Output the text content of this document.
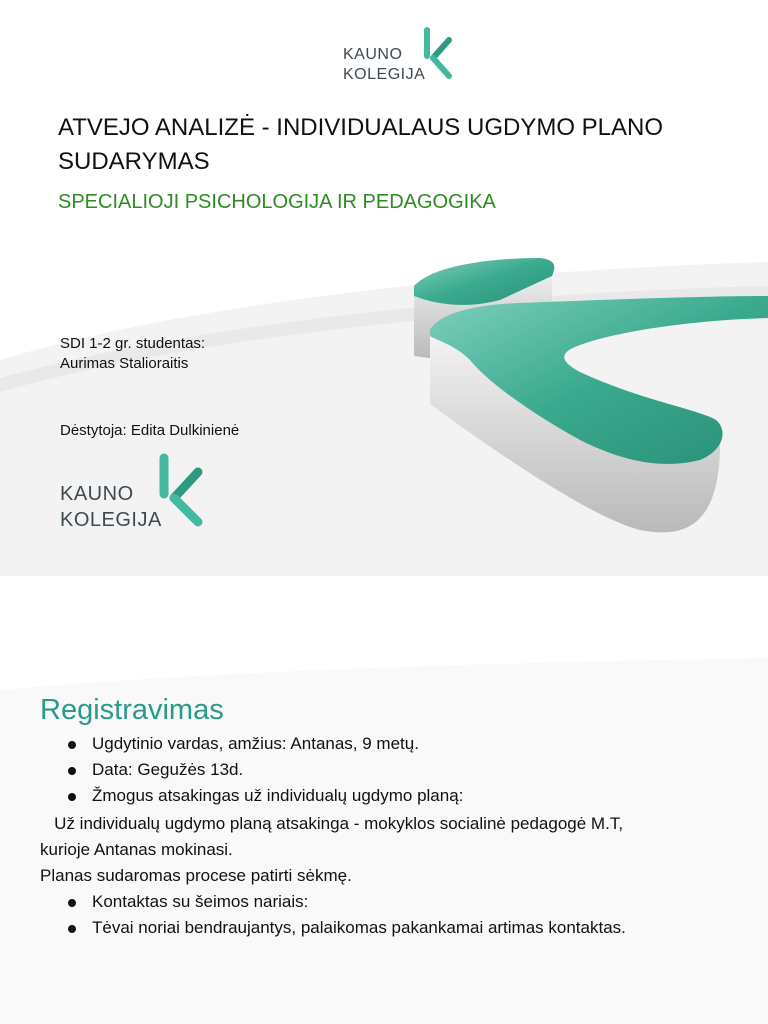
KAUNO
KOLEGIJA
ATVEJO ANALIZĖ - INDIVIDUALAUS UGDYMO PLANO SUDARYMAS
SPECIALIOJI PSICHOLOGIJA IR PEDAGOGIKA
SDI 1-2 gr. studentas:
Aurimas Stalioraitis
Dėstytoja: Edita Dulkinienė
KAUNO
KOLEGIJA
Registravimas
Ugdytinio vardas, amžius: Antanas, 9 metų.
Data: Gegužės 13d.
Žmogus atsakingas už individualų ugdymo planą:
Už individualų ugdymo planą atsakinga - mokyklos socialinė pedagogė M.T,
kurioje Antanas mokinasi.
Planas sudaromas procese patirti sėkmę.
Kontaktas su šeimos nariais:
Tėvai noriai bendraujantys, palaikomas pakankamai artimas kontaktas.
